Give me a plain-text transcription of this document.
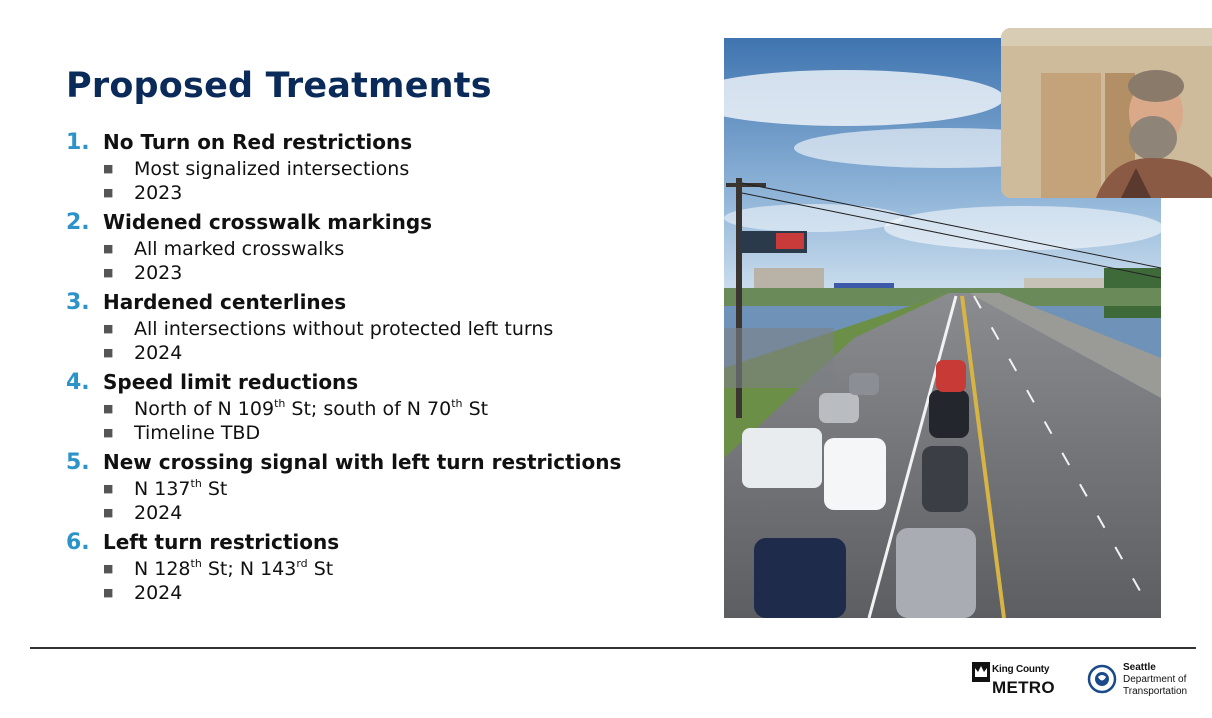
Proposed Treatments
1. No Turn on Red restrictions
■	Most signalized intersections
■	2023
2. Widened crosswalk markings
■	All marked crosswalks
■	2023
3. Hardened centerlines
■	All intersections without protected left turns
■	2024
4. Speed limit reductions
■	North of N 109th St; south of N 70th St
■	Timeline TBD
5. New crossing signal with left turn restrictions
■	N 137th St
■	2024
6. Left turn restrictions
■	N 128th St; N 143rd St
■	2024
King County
METRO
Seattle
Department of
Transportation
